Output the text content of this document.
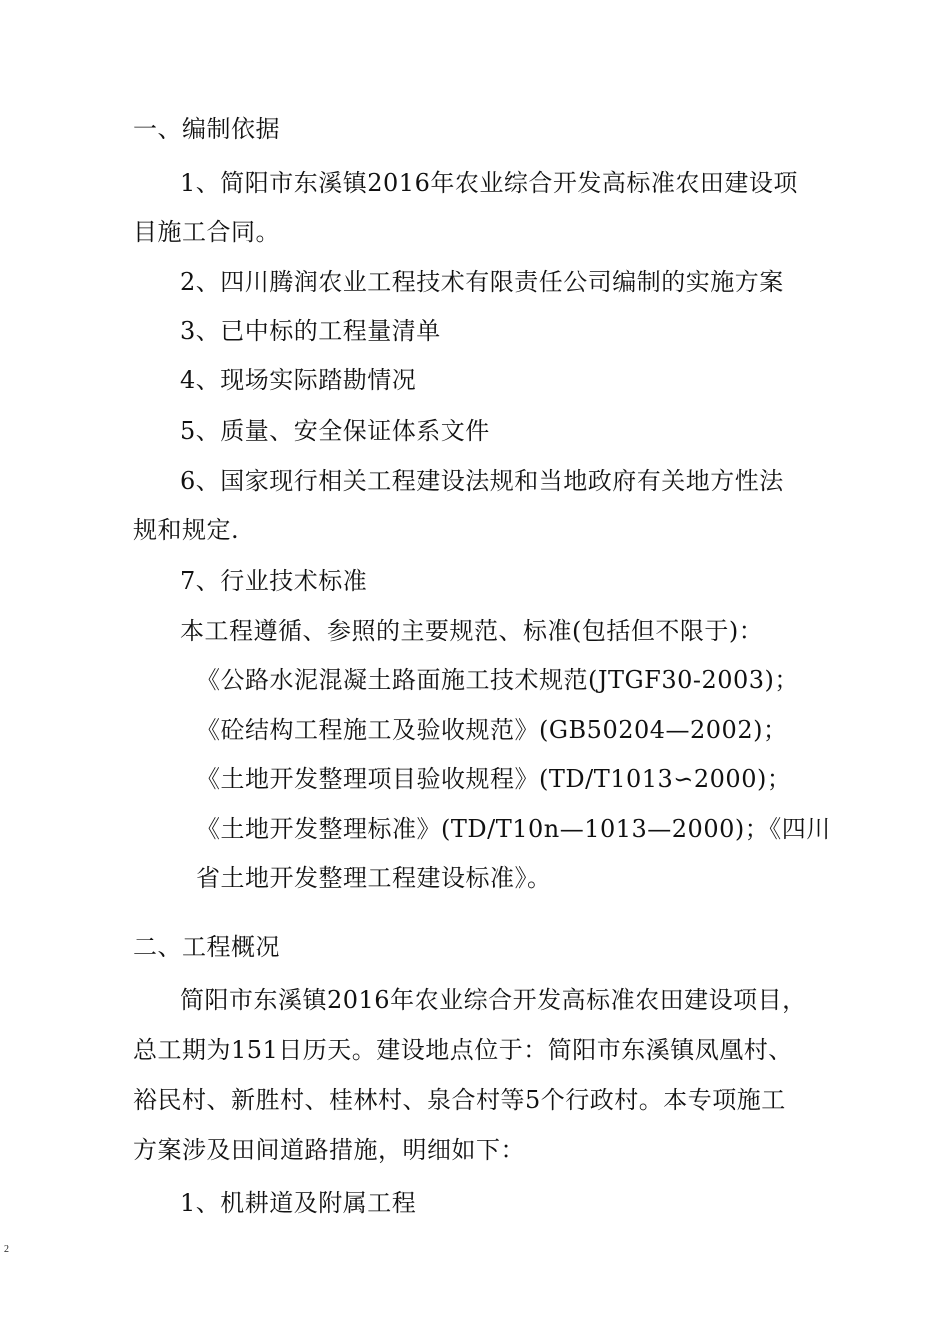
一、编制依据
1、简阳市东溪镇2016年农业综合开发高标准农田建设项
目施工合同。
2、四川腾润农业工程技术有限责任公司编制的实施方案
3、已中标的工程量清单
4、现场实际踏勘情况
5、质量、安全保证体系文件
6、国家现行相关工程建设法规和当地政府有关地方性法
规和规定.
7、行业技术标准
本工程遵循、参照的主要规范、标准(包括但不限于)：
《公路水泥混凝土路面施工技术规范(JTGF30-2003)；
《砼结构工程施工及验收规范》(GB50204—2002)；
《土地开发整理项目验收规程》(TD/T1013∽2000)；
《土地开发整理标准》(TD/T10n—1013—2000)；《四川
省土地开发整理工程建设标准》。
二、工程概况
简阳市东溪镇2016年农业综合开发高标准农田建设项目，
总工期为151日历天。建设地点位于：简阳市东溪镇凤凰村、
裕民村、新胜村、桂林村、泉合村等5个行政村。本专项施工
方案涉及田间道路措施，明细如下：
1、机耕道及附属工程
2
